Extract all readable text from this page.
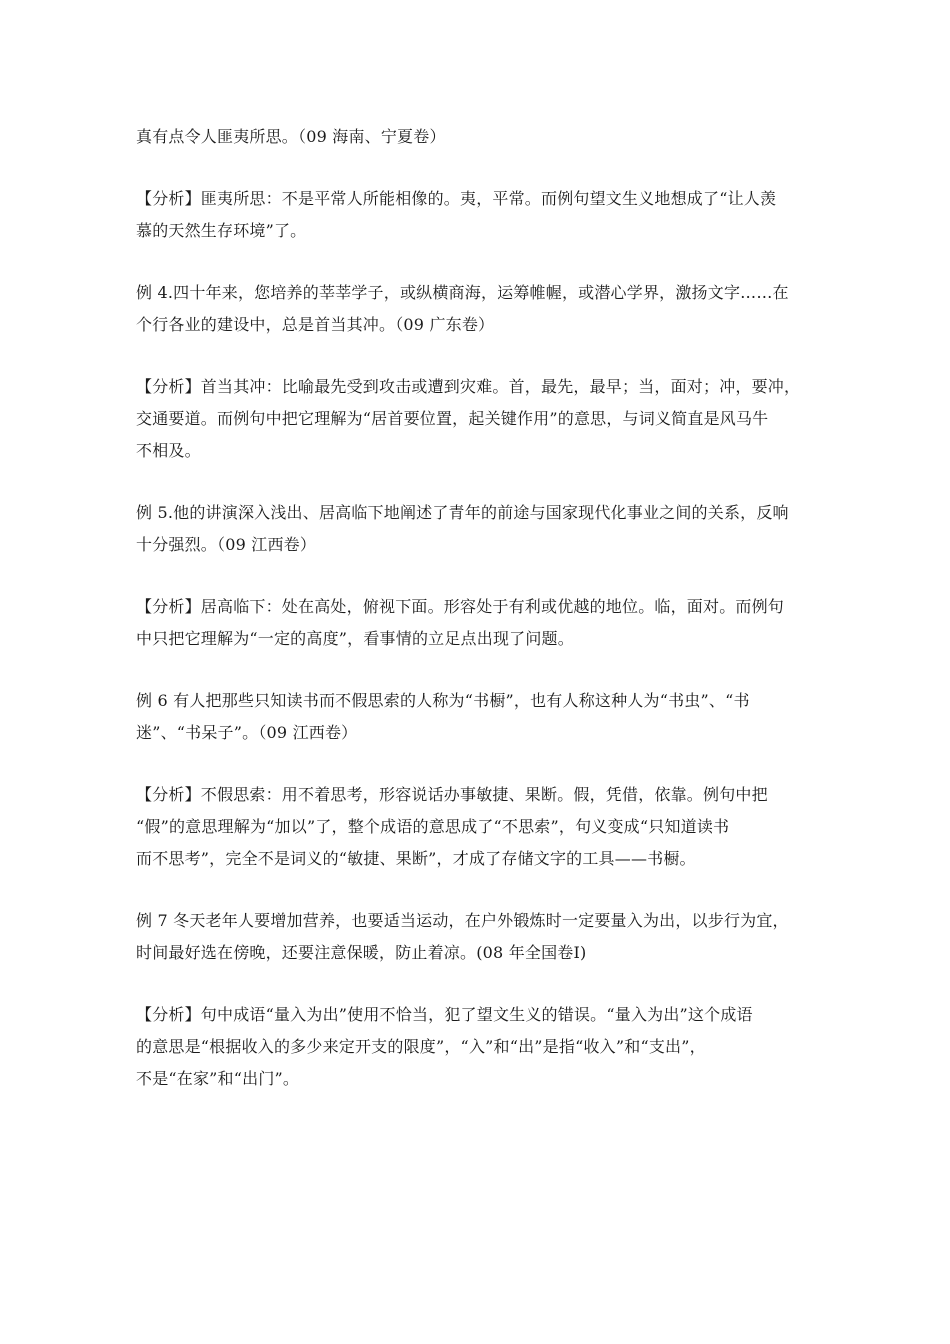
真有点令人匪夷所思。（09 海南、宁夏卷）

【分析】匪夷所思：不是平常人所能相像的。夷，平常。而例句望文生义地想成了“让人羡
慕的天然生存环境”了。

例 4.四十年来，您培养的莘莘学子，或纵横商海，运筹帷幄，或潜心学界，激扬文字……在
个行各业的建设中，总是首当其冲。（09 广东卷）

【分析】首当其冲：比喻最先受到攻击或遭到灾难。首，最先，最早；当，面对；冲，要冲，
交通要道。而例句中把它理解为“居首要位置，起关键作用”的意思，与词义简直是风马牛
不相及。

例 5.他的讲演深入浅出、居高临下地阐述了青年的前途与国家现代化事业之间的关系，反响
十分强烈。（09 江西卷）

【分析】居高临下：处在高处，俯视下面。形容处于有利或优越的地位。临，面对。而例句
中只把它理解为“一定的高度”，看事情的立足点出现了问题。

例 6 有人把那些只知读书而不假思索的人称为“书橱”，也有人称这种人为“书虫”、“书
迷”、“书呆子”。（09 江西卷）

【分析】不假思索：用不着思考，形容说话办事敏捷、果断。假，凭借，依靠。例句中把
“假”的意思理解为“加以”了，整个成语的意思成了“不思索”，句义变成“只知道读书
而不思考”，完全不是词义的“敏捷、果断”，才成了存储文字的工具——书橱。

例 7 冬天老年人要增加营养，也要适当运动，在户外锻炼时一定要量入为出，以步行为宜，
时间最好选在傍晚，还要注意保暖，防止着凉。(08 年全国卷Ⅰ)

【分析】句中成语“量入为出”使用不恰当，犯了望文生义的错误。“量入为出”这个成语
的意思是“根据收入的多少来定开支的限度”，“入”和“出”是指“收入”和“支出”，
不是“在家”和“出门”。
